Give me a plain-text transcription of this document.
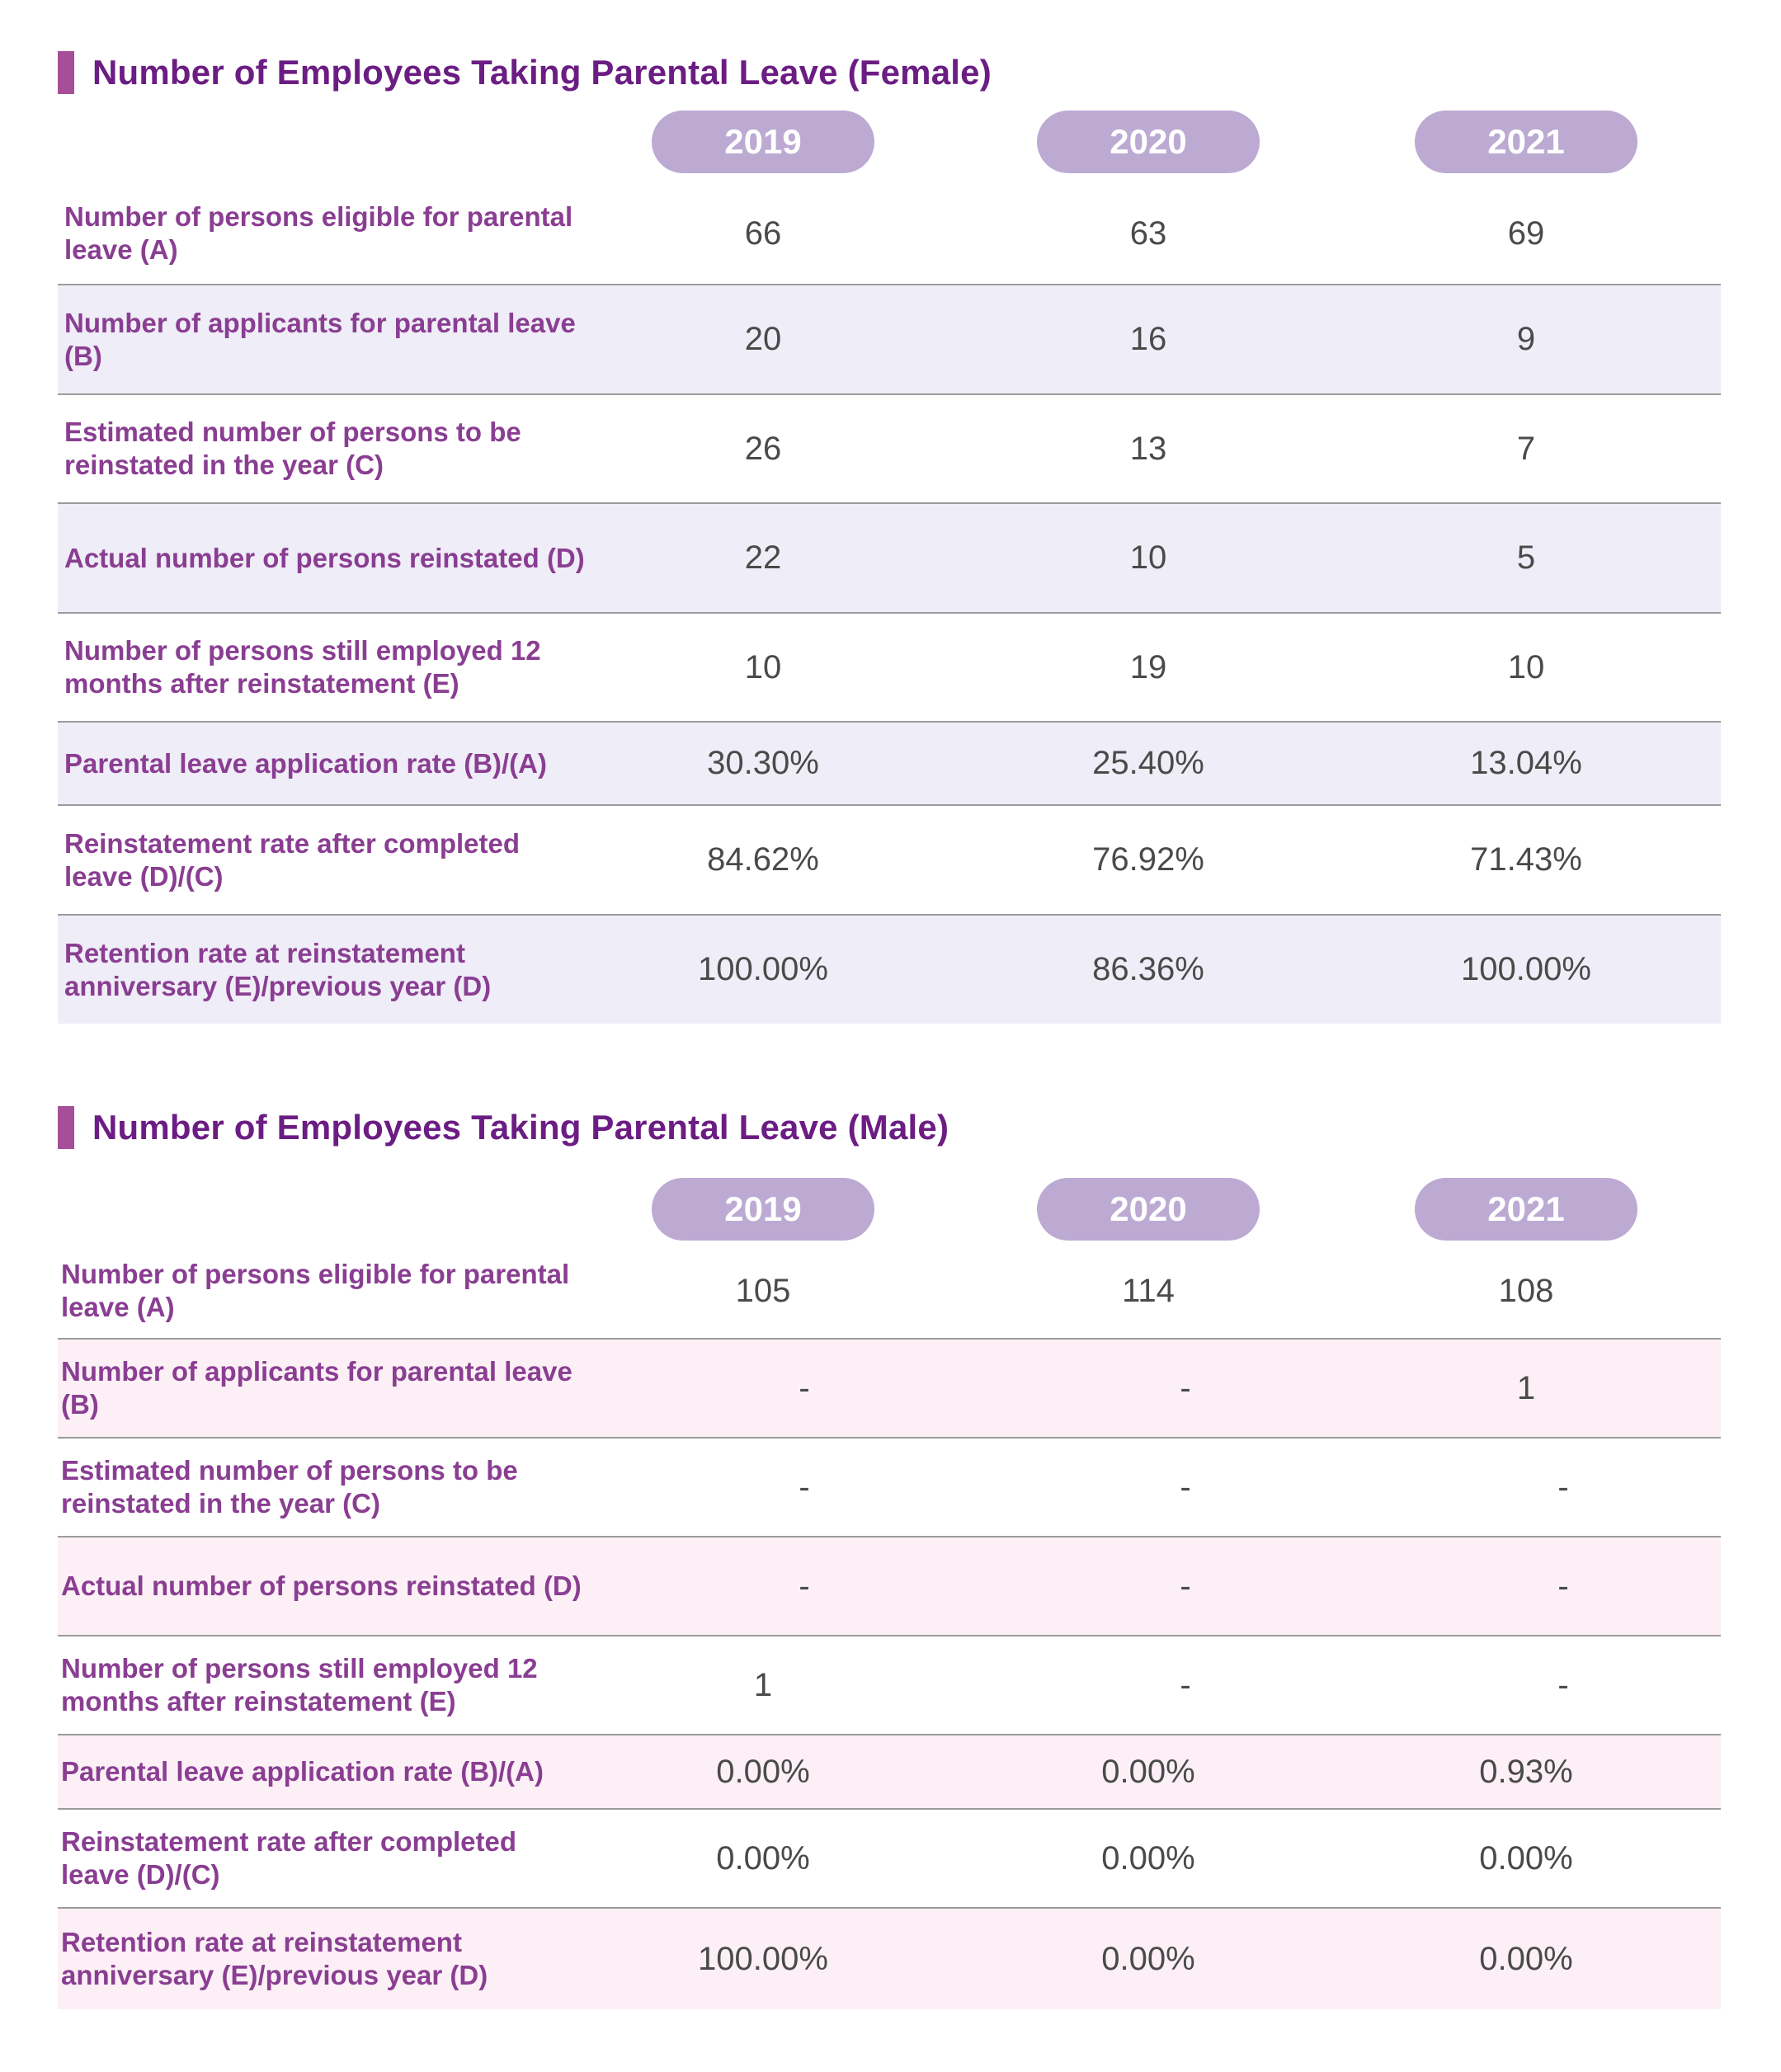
Number of Employees Taking Parental Leave (Female)
2019	2020	2021
Number of persons eligible for parental leave (A)	66	63	69
Number of applicants for parental leave (B)	20	16	9
Estimated number of persons to be reinstated in the year (C)	26	13	7
Actual number of persons reinstated (D)	22	10	5
Number of persons still employed 12 months after reinstatement (E)	10	19	10
Parental leave application rate (B)/(A)	30.30%	25.40%	13.04%
Reinstatement rate after completed leave (D)/(C)	84.62%	76.92%	71.43%
Retention rate at reinstatement anniversary (E)/previous year (D)	100.00%	86.36%	100.00%
Number of Employees Taking Parental Leave (Male)
2019	2020	2021
Number of persons eligible for parental leave (A)	105	114	108
Number of applicants for parental leave (B)	-	-	1
Estimated number of persons to be reinstated in the year (C)	-	-	-
Actual number of persons reinstated (D)	-	-	-
Number of persons still employed 12 months after reinstatement (E)	1	-	-
Parental leave application rate (B)/(A)	0.00%	0.00%	0.93%
Reinstatement rate after completed leave (D)/(C)	0.00%	0.00%	0.00%
Retention rate at reinstatement anniversary (E)/previous year (D)	100.00%	0.00%	0.00%
